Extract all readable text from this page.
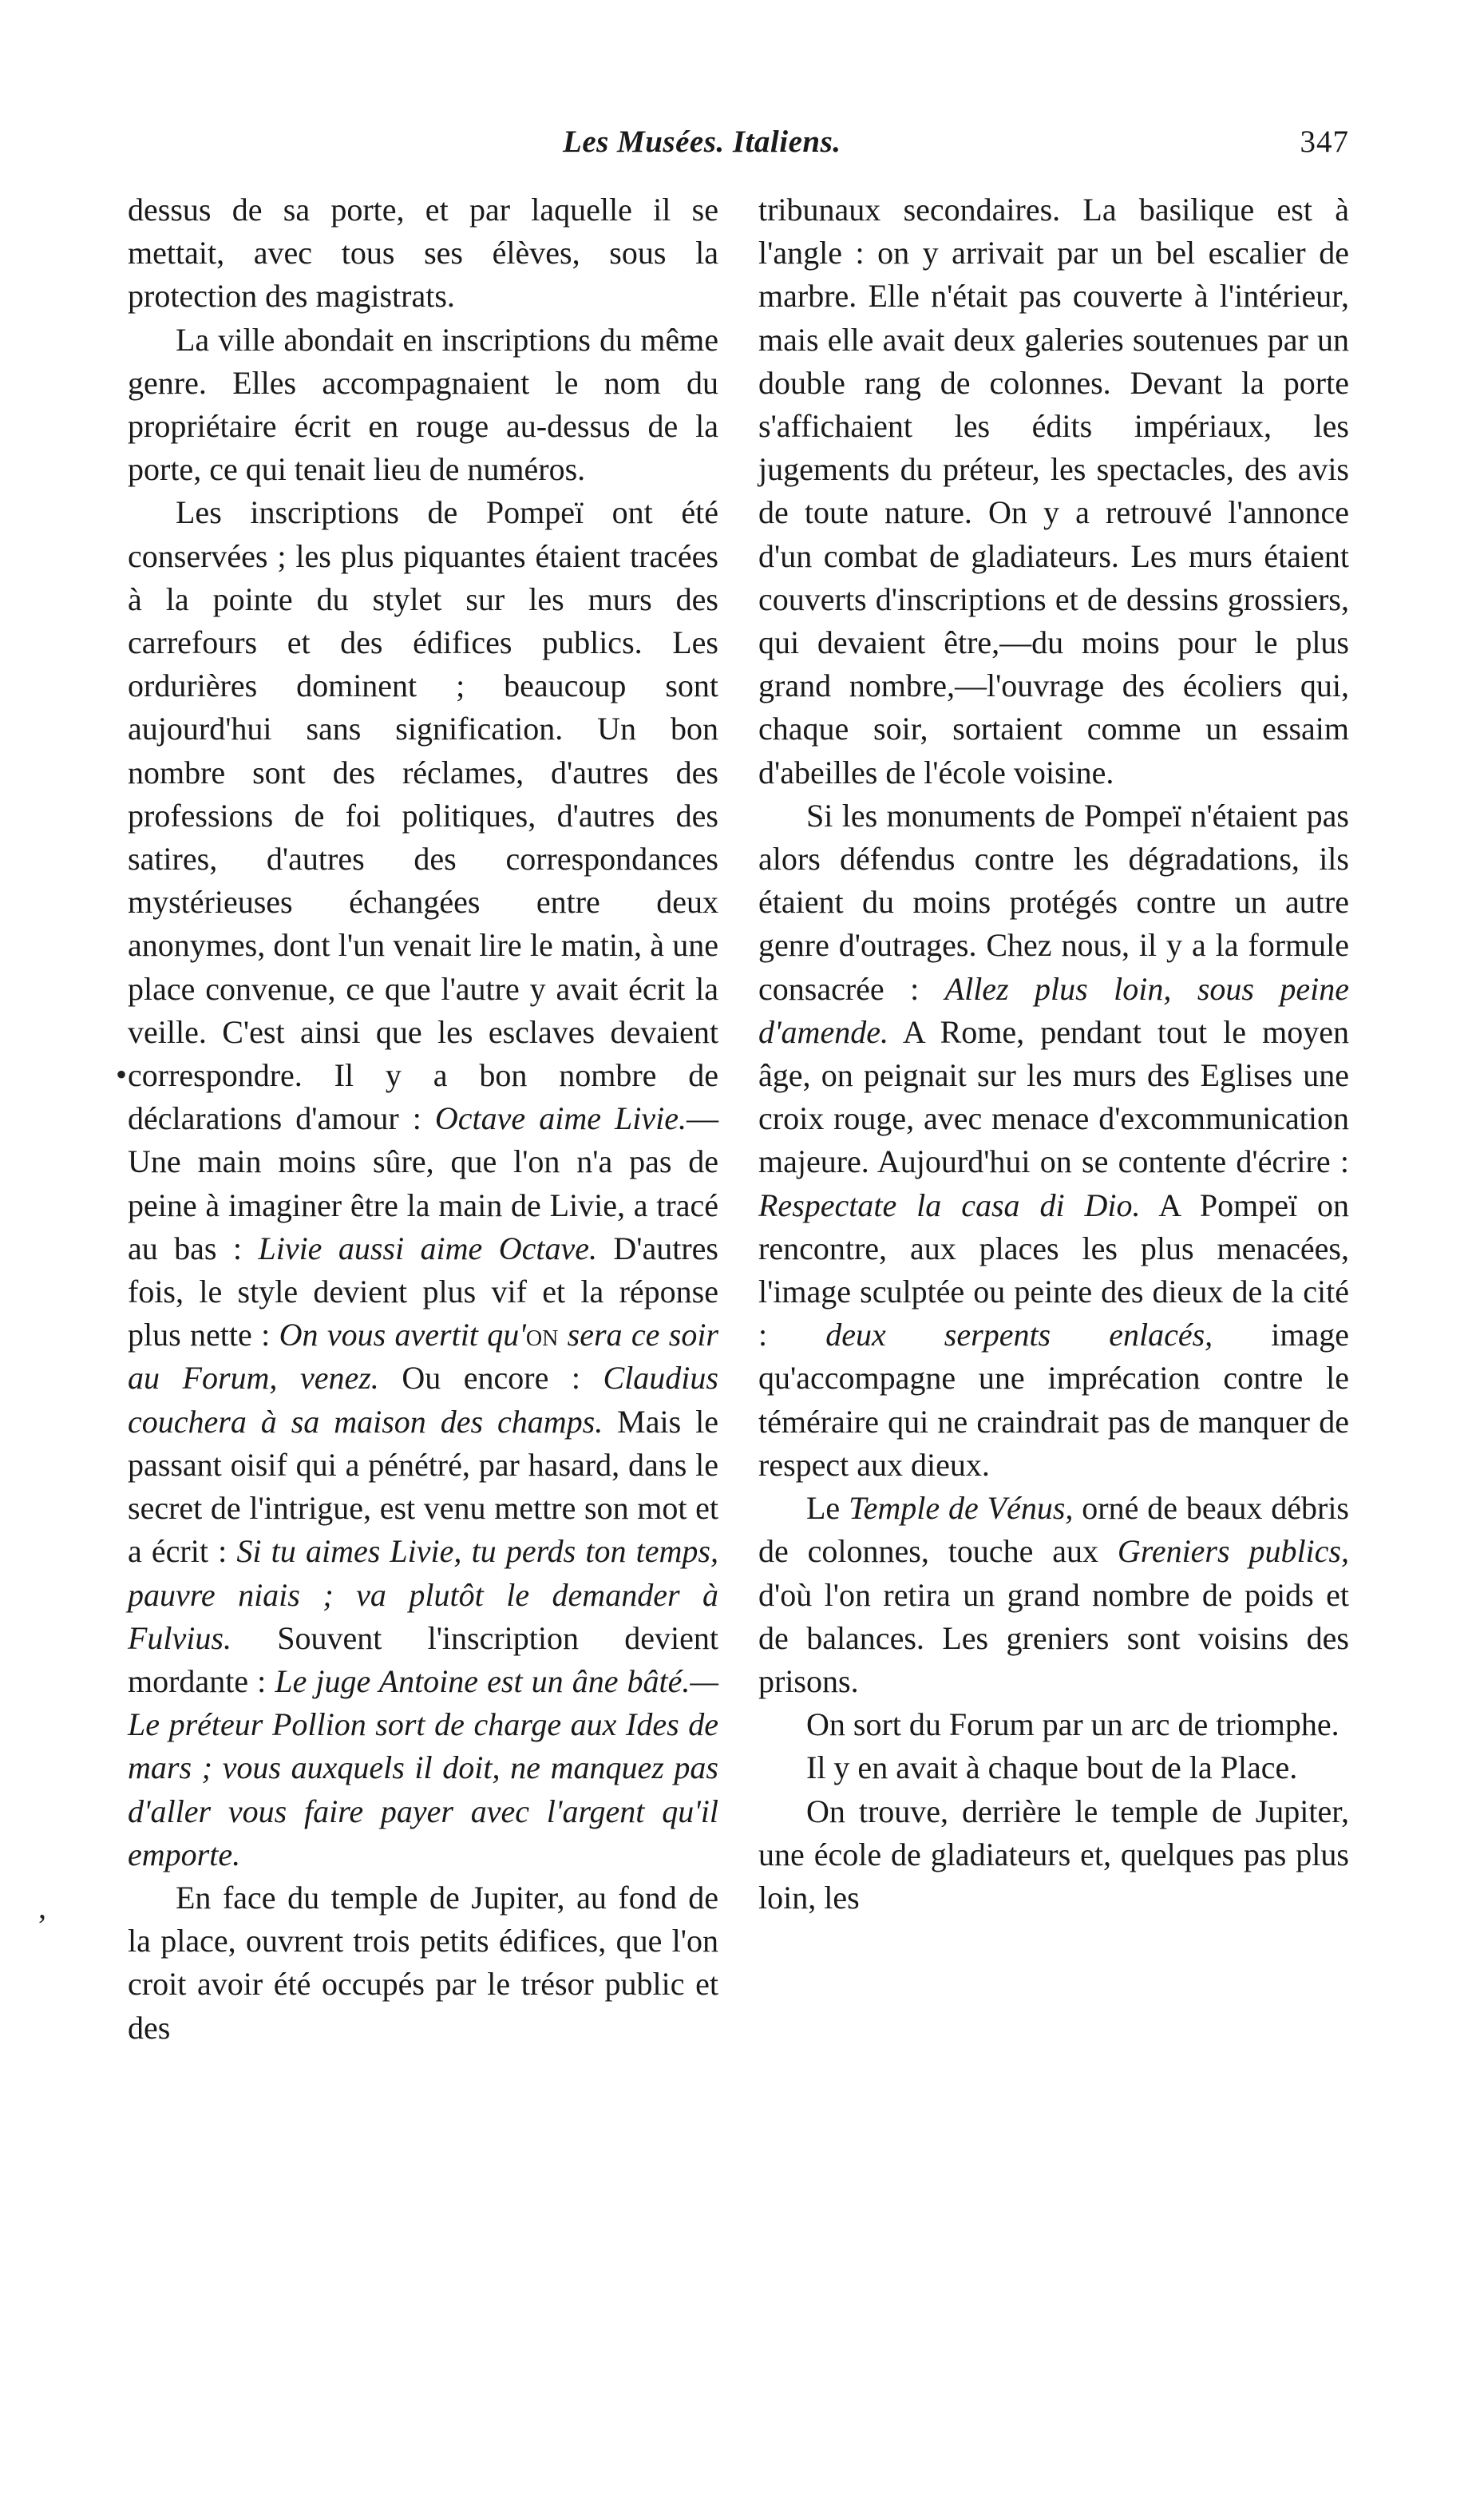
Les Musées. Italiens.	347

dessus de sa porte, et par laquelle il se mettait, avec tous ses élèves, sous la protection des magistrats.

La ville abondait en inscriptions du même genre. Elles accompagnaient le nom du propriétaire écrit en rouge au-dessus de la porte, ce qui tenait lieu de numéros.

Les inscriptions de Pompeï ont été conservées ; les plus piquantes étaient tracées à la pointe du stylet sur les murs des carrefours et des édifices publics. Les ordurières dominent ; beaucoup sont aujourd'hui sans signification. Un bon nombre sont des réclames, d'autres des professions de foi politiques, d'autres des satires, d'autres des correspondances mystérieuses échangées entre deux anonymes, dont l'un venait lire le matin, à une place convenue, ce que l'autre y avait écrit la veille. C'est ainsi que les esclaves devaient correspondre. Il y a bon nombre de déclarations d'amour : Octave aime Livie.—Une main moins sûre, que l'on n'a pas de peine à imaginer être la main de Livie, a tracé au bas : Livie aussi aime Octave. D'autres fois, le style devient plus vif et la réponse plus nette : On vous avertit qu'on sera ce soir au Forum, venez. Ou encore : Claudius couchera à sa maison des champs. Mais le passant oisif qui a pénétré, par hasard, dans le secret de l'intrigue, est venu mettre son mot et a écrit : Si tu aimes Livie, tu perds ton temps, pauvre niais ; va plutôt le demander à Fulvius. Souvent l'inscription devient mordante : Le juge Antoine est un âne bâté.—Le préteur Pollion sort de charge aux Ides de mars ; vous auxquels il doit, ne manquez pas d'aller vous faire payer avec l'argent qu'il emporte.

En face du temple de Jupiter, au fond de la place, ouvrent trois petits édifices, que l'on croit avoir été occupés par le trésor public et des

tribunaux secondaires. La basilique est à l'angle : on y arrivait par un bel escalier de marbre. Elle n'était pas couverte à l'intérieur, mais elle avait deux galeries soutenues par un double rang de colonnes. Devant la porte s'affichaient les édits impériaux, les jugements du préteur, les spectacles, des avis de toute nature. On y a retrouvé l'annonce d'un combat de gladiateurs. Les murs étaient couverts d'inscriptions et de dessins grossiers, qui devaient être,—du moins pour le plus grand nombre,—l'ouvrage des écoliers qui, chaque soir, sortaient comme un essaim d'abeilles de l'école voisine.

Si les monuments de Pompeï n'étaient pas alors défendus contre les dégradations, ils étaient du moins protégés contre un autre genre d'outrages. Chez nous, il y a la formule consacrée : Allez plus loin, sous peine d'amende. A Rome, pendant tout le moyen âge, on peignait sur les murs des Eglises une croix rouge, avec menace d'excommunication majeure. Aujourd'hui on se contente d'écrire : Respectate la casa di Dio. A Pompeï on rencontre, aux places les plus menacées, l'image sculptée ou peinte des dieux de la cité : deux serpents enlacés, image qu'accompagne une imprécation contre le téméraire qui ne craindrait pas de manquer de respect aux dieux.

Le Temple de Vénus, orné de beaux débris de colonnes, touche aux Greniers publics, d'où l'on retira un grand nombre de poids et de balances. Les greniers sont voisins des prisons.

On sort du Forum par un arc de triomphe.

Il y en avait à chaque bout de la Place.

On trouve, derrière le temple de Jupiter, une école de gladiateurs et, quelques pas plus loin, les

•
,
